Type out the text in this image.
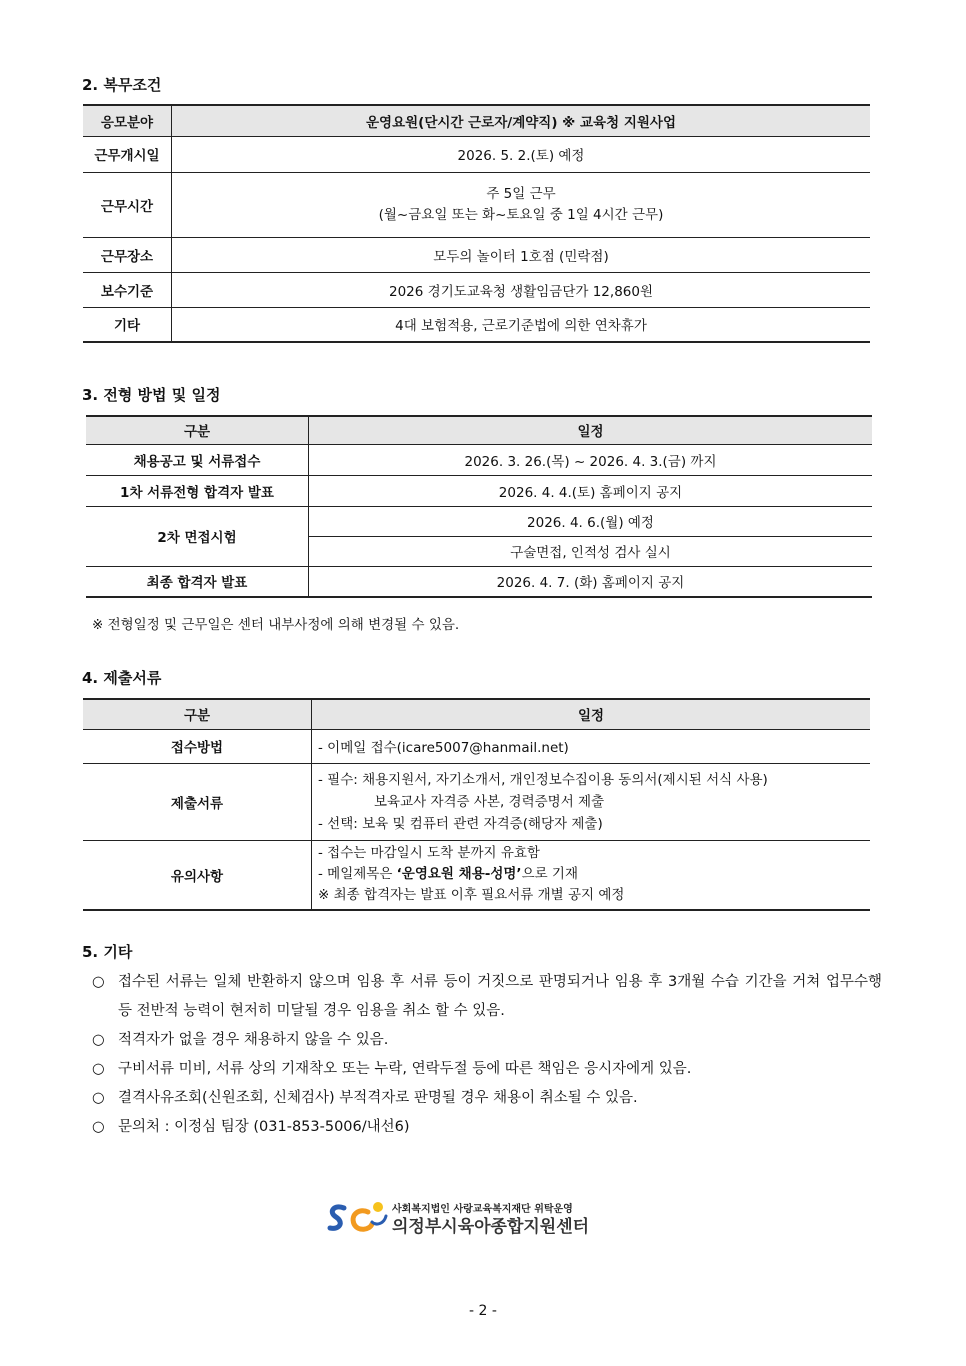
2. 복무조건
응모분야	운영요원(단시간 근로자/계약직) ※ 교육청 지원사업
근무개시일	2026. 5. 2.(토) 예정
근무시간	주 5일 근무
(월~금요일 또는 화~토요일 중 1일 4시간 근무)

근무장소	모두의 놀이터 1호점 (민락점)
보수기준	2026 경기도교육청 생활임금단가 12,860원
기타	4대 보험적용, 근로기준법에 의한 연차휴가
3. 전형 방법 및 일정
구분	일정
채용공고 및 서류접수	2026. 3. 26.(목) ~ 2026. 4. 3.(금) 까지
1차 서류전형 합격자 발표	2026. 4. 4.(토) 홈페이지 공지
2차 면접시험	2026. 4. 6.(월) 예정
	구술면접, 인적성 검사 실시
최종 합격자 발표	2026. 4. 7. (화) 홈페이지 공지
※ 전형일정 및 근무일은 센터 내부사정에 의해 변경될 수 있음.
4. 제출서류
구분	일정
접수방법	- 이메일 접수(icare5007@hanmail.net)
제출서류	- 필수: 채용지원서, 자기소개서, 개인정보수집이용 동의서(제시된 서식 사용)
보육교사 자격증 사본, 경력증명서 제출
- 선택: 보육 및 컴퓨터 관련 자격증(해당자 제출)

유의사항	- 접수는 마감일시 도착 분까지 유효함
- 메일제목은 ‘운영요원 채용-성명’으로 기재
※ 최종 합격자는 발표 이후 필요서류 개별 공지 예정
5. 기타
○ 접수된 서류는 일체 반환하지 않으며 임용 후 서류 등이 거짓으로 판명되거나 임용 후 3개월 수습 기간을 거쳐 업무수행 등 전반적 능력이 현저히 미달될 경우 임용을 취소 할 수 있음.
○ 적격자가 없을 경우 채용하지 않을 수 있음.
○ 구비서류 미비, 서류 상의 기재착오 또는 누락, 연락두절 등에 따른 책임은 응시자에게 있음.
○ 결격사유조회(신원조회, 신체검사) 부적격자로 판명될 경우 채용이 취소될 수 있음.
○ 문의처 : 이정심 팀장 (031-853-5006/내선6)
사회복지법인 사랑교육복지재단 위탁운영
의정부시육아종합지원센터
- 2 -
